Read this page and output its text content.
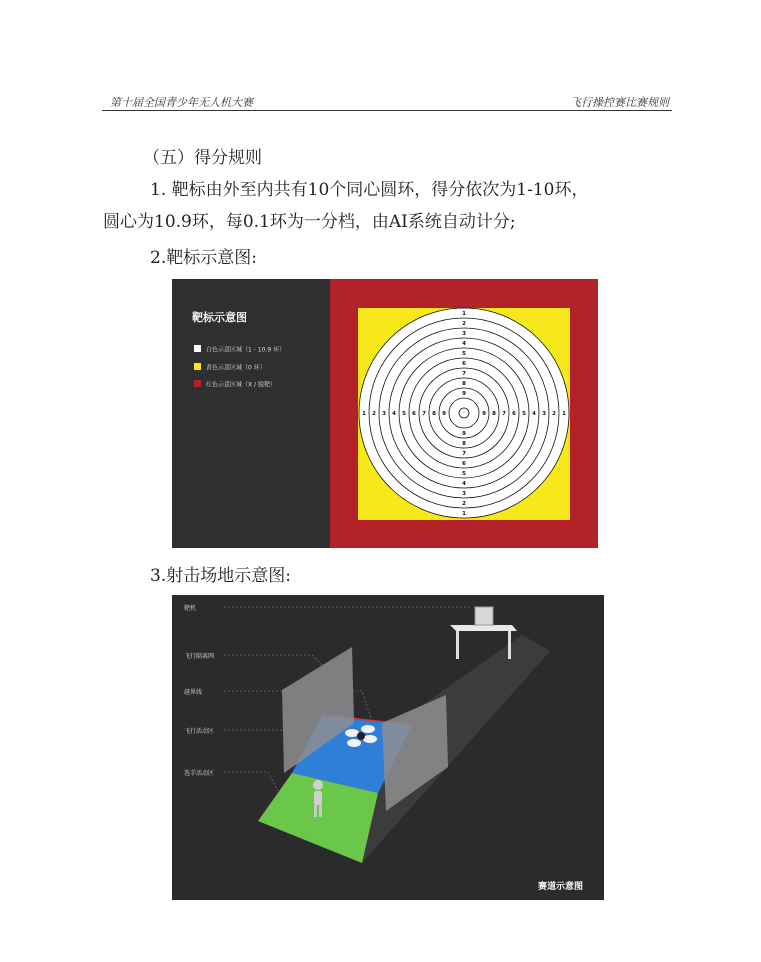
第十届全国青少年无人机大赛	飞行操控赛比赛规则
（五）得分规则
1. 靶标由外至内共有10个同心圆环，得分依次为1-10环，
圆心为10.9环，每0.1环为一分档，由AI系统自动计分;
2.靶标示意图:
3.射击场地示意图:
靶标示意图
白色示意区域（1 - 10.9 环）
黄色示意区域（0 环）
红色示意区域（X / 脱靶）
·
1	1
1
1
2	2
2
2
3	3
3
3
4	4
4
4
5	5
5
5
6	6
6
6
7	7
7
7
8	8
8
8
9	9
9
9
靶机
飞行隔离网
越界线
飞行活动区
选手活动区
赛道示意图
